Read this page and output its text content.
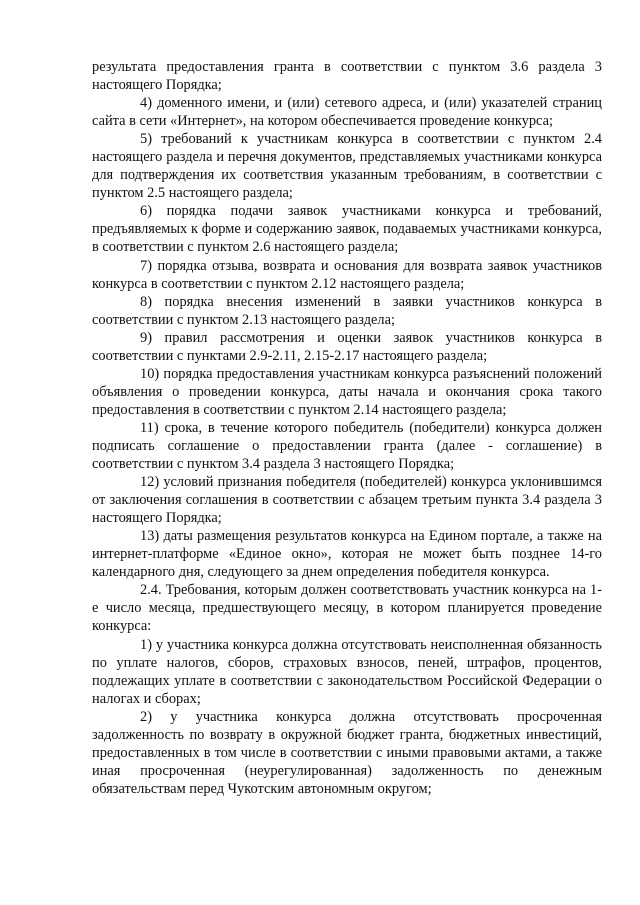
результата предоставления гранта в соответствии с пунктом 3.6 раздела 3 настоящего Порядка;

4) доменного имени, и (или) сетевого адреса, и (или) указателей страниц сайта в сети «Интернет», на котором обеспечивается проведение конкурса;

5) требований к участникам конкурса в соответствии с пунктом 2.4 настоящего раздела и перечня документов, представляемых участниками конкурса для подтверждения их соответствия указанным требованиям, в соответствии с пунктом 2.5 настоящего раздела;

6) порядка подачи заявок участниками конкурса и требований, предъявляемых к форме и содержанию заявок, подаваемых участниками конкурса, в соответствии с пунктом 2.6 настоящего раздела;

7) порядка отзыва, возврата и основания для возврата заявок участников конкурса в соответствии с пунктом 2.12 настоящего раздела;

8) порядка внесения изменений в заявки участников конкурса в соответствии с пунктом 2.13 настоящего раздела;

9) правил рассмотрения и оценки заявок участников конкурса в соответствии с пунктами 2.9-2.11, 2.15-2.17 настоящего раздела;

10) порядка предоставления участникам конкурса разъяснений положений объявления о проведении конкурса, даты начала и окончания срока такого предоставления в соответствии с пунктом 2.14 настоящего раздела;

11) срока, в течение которого победитель (победители) конкурса должен подписать соглашение о предоставлении гранта (далее - соглашение) в соответствии с пунктом 3.4 раздела 3 настоящего Порядка;

12) условий признания победителя (победителей) конкурса уклонившимся от заключения соглашения в соответствии с абзацем третьим пункта 3.4 раздела 3 настоящего Порядка;

13) даты размещения результатов конкурса на Едином портале, а также на интернет-платформе «Единое окно», которая не может быть позднее 14-го календарного дня, следующего за днем определения победителя конкурса.

2.4. Требования, которым должен соответствовать участник конкурса на 1-е число месяца, предшествующего месяцу, в котором планируется проведение конкурса:

1) у участника конкурса должна отсутствовать неисполненная обязанность по уплате налогов, сборов, страховых взносов, пеней, штрафов, процентов, подлежащих уплате в соответствии с законодательством Российской Федерации о налогах и сборах;

2) у участника конкурса должна отсутствовать просроченная задолженность по возврату в окружной бюджет гранта, бюджетных инвестиций, предоставленных в том числе в соответствии с иными правовыми актами, а также иная просроченная (неурегулированная) задолженность по денежным обязательствам перед Чукотским автономным округом;
